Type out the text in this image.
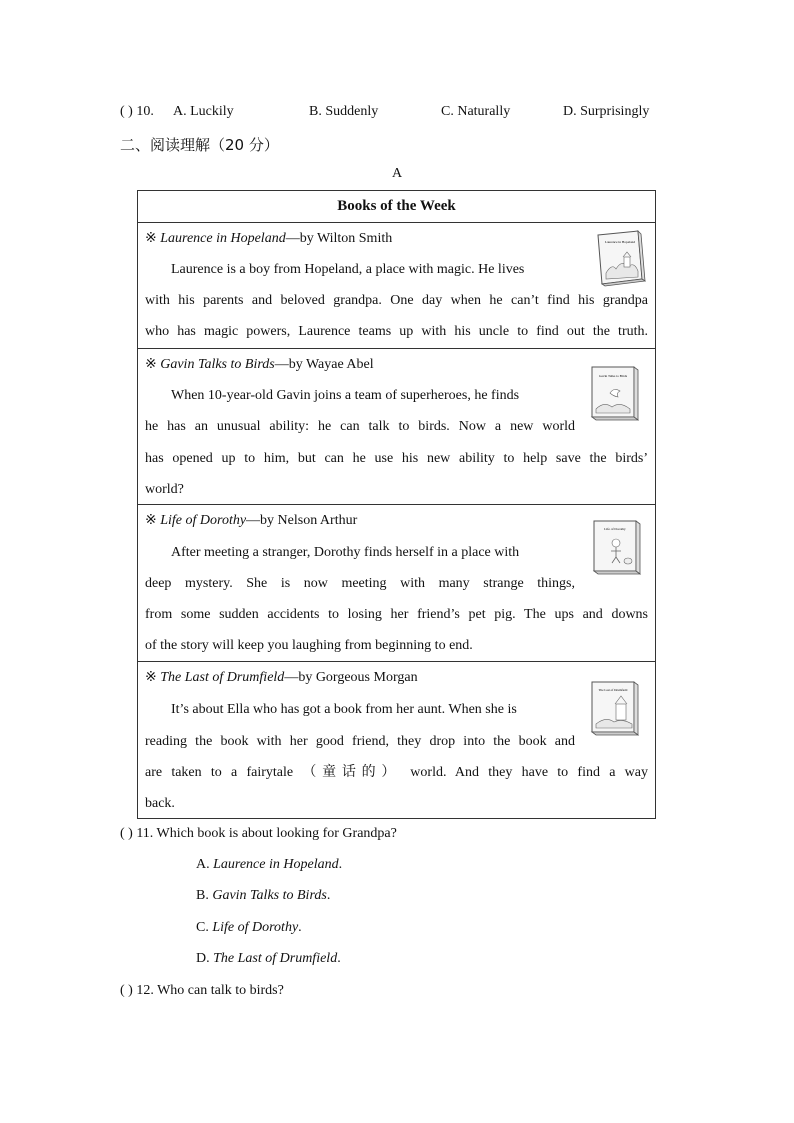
( ) 10. A. Luckily	B. Suddenly	C. Naturally	D. Surprisingly
二、阅读理解（20 分）
A
Books of the Week
※ Laurence in Hopeland—by Wilton Smith
Laurence is a boy from Hopeland, a place with magic. He lives
with his parents and beloved grandpa. One day when he can’t find his grandpa
who has magic powers, Laurence teams up with his uncle to find out the truth.
Laurence in Hopeland
※ Gavin Talks to Birds—by Wayae Abel
When 10-year-old Gavin joins a team of superheroes, he finds
he has an unusual ability: he can talk to birds. Now a new world
has opened up to him, but can he use his new ability to help save the birds’
world?
Gavin Talks to Birds
※ Life of Dorothy—by Nelson Arthur
After meeting a stranger, Dorothy finds herself in a place with
deep mystery. She is now meeting with many strange things,
from some sudden accidents to losing her friend’s pet pig. The ups and downs
of the story will keep you laughing from beginning to end.
Life of Dorothy
※ The Last of Drumfield—by Gorgeous Morgan
It’s about Ella who has got a book from her aunt. When she is
reading the book with her good friend, they drop into the book and
are taken to a fairytale （童话的） world. And they have to find a way
back.
The Last of Drumfield
( ) 11. Which book is about looking for Grandpa?
A. Laurence in Hopeland.
B. Gavin Talks to Birds.
C. Life of Dorothy.
D. The Last of Drumfield.
( ) 12. Who can talk to birds?
